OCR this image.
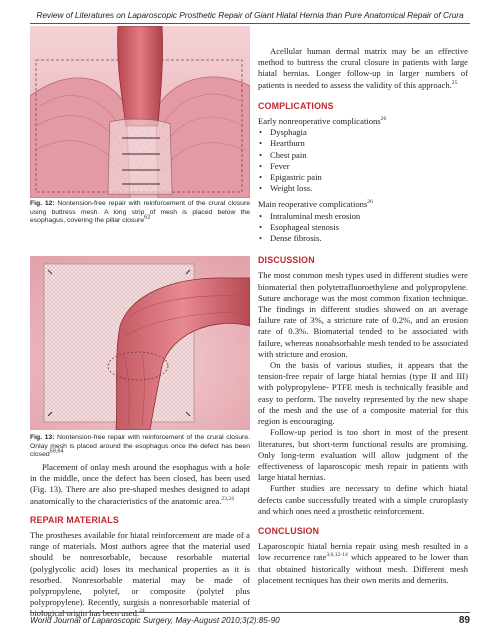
Review of Literatures on Laparoscopic Prosthetic Repair of Giant Hiatal Hernia than Pure Anatomical Repair of Crura
Fig. 12: Nontension-free repair with reinforcement of the crural closure using buttress mesh. A long strip of mesh is placed below the esophagus, covering the pillar closure$^{62}$
Fig. 13: Nontension-free repair with reinforcement of the crural closure. Onlay mesh is placed around the esophagus once the defect has been closed$^{59,64}$

Placement of onlay mesh around the esophagus with a hole in the middle, once the defect has been closed, has been used (Fig. 13). There are also pre-shaped meshes designed to adapt anatomically to the characteristics of the anatomic area.$^{23,24}$

REPAIR MATERIALS

The prostheses available for hiatal reinforcement are made of a range of materials. Most authors agree that the material used should be nonresorbable, because resorbable material (polyglycolic acid) loses its mechanical properties as it is resorbed. Nonresorbable material may be made of polypropylene, polytef, or composite (polytef plus polypropylene). Recently, surgisis a nonresorbable material of biological origin has been used.$^{24}$

Acellular human dermal matrix may be an effective method to buttress the crural closure in patients with large hiatal hernias. Longer follow-up in larger numbers of patients is needed to assess the validity of this approach.$^{25}$

COMPLICATIONS

Early nonreoperative complications$^{26}$

• Dysphagia
• Heartburn
• Chest pain
• Fever
• Epigastric pain
• Weight loss.

Main reoperative complications$^{26}$

• Intraluminal mesh erosion
• Esophageal stenosis
• Dense fibrosis.
DISCUSSION

The most common mesh types used in different studies were biomaterial then polytetrafluoroethylene and polypropylene. Suture anchorage was the most common fixation technique. The findings in different studies showed on an average failure rate of 3%, a stricture rate of 0.2%, and an erosion rate of 0.3%. Biomaterial tended to be associated with failure, whereas nonabsorbable mesh tended to be associated with stricture and erosion.

On the basis of various studies, it appears that the tension-free repair of large hiatal hernias (type II and III) with polypropylene- PTFE mesh is technically feasible and easy to perform. The novelty represented by the new shape of the mesh and the use of a composite material for this region is encouraging.

Follow-up period is too short in most of the present literatures, but short-term functional results are promising. Only long-term evaluation will allow judgment of the effectiveness of laparoscopic mesh repair in patients with large hiatal hernias.

Further studies are necessary to define which hiatal defects canbe successfully treated with a simple cruroplasty and which ones need a prosthetic reinforcement.

CONCLUSION

Laparoscopic hiatal hernia repair using mesh resulted in a low recurrence rate$^{3,6,12-14}$ which appeared to be lower than that obtained historically without mesh. Different mesh placement tecniques has their own merits and demerits.

World Journal of Laparoscopic Surgery, May-August 2010;3(2):85-90	89
